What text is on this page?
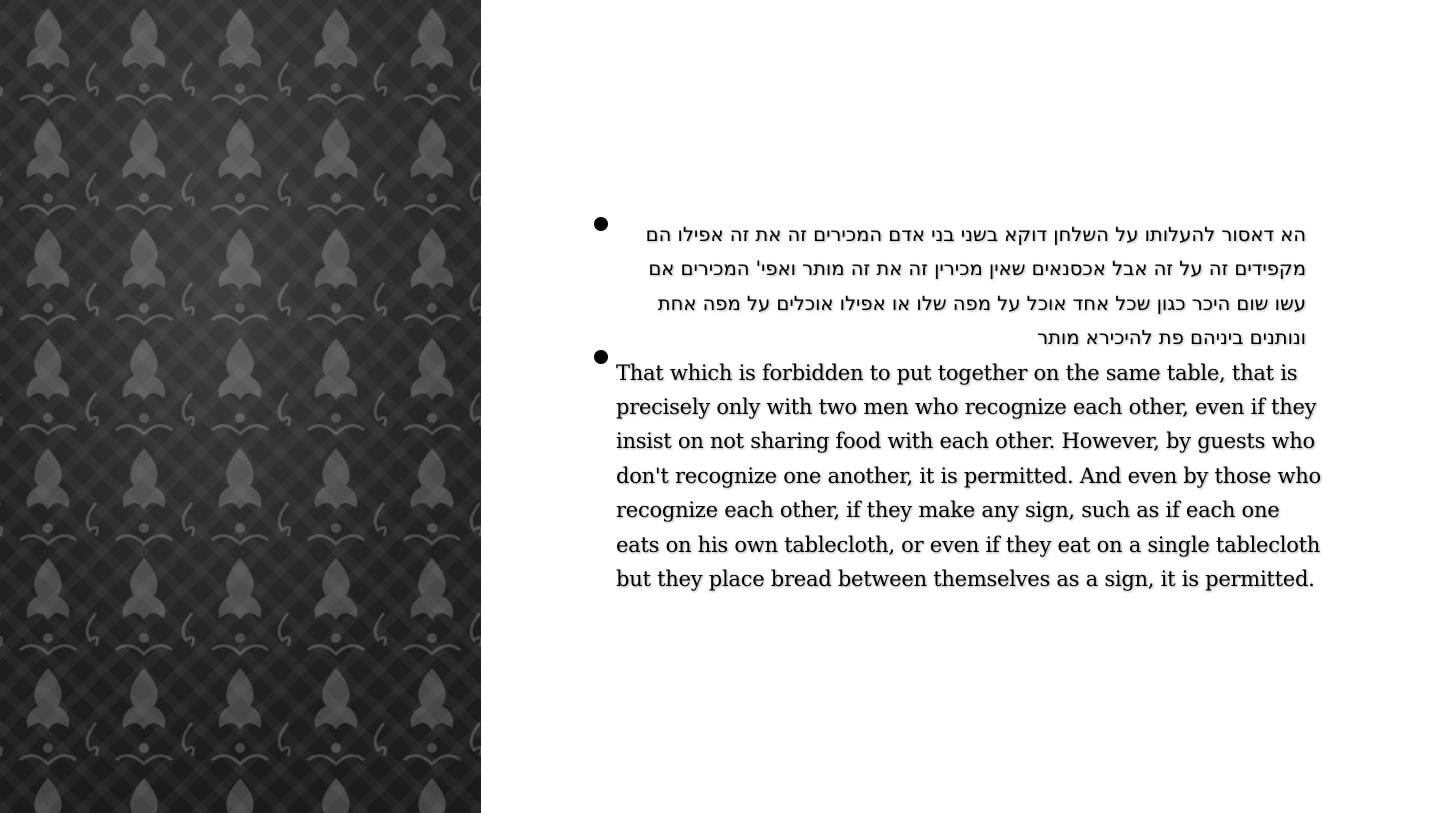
הא דאסור להעלותו על השלחן דוקא בשני בני אדם המכירים זה את זה אפילו הם מקפידים זה על זה אבל אכסנאים שאין מכירין זה את זה מותר ואפי' המכירים אם עשו שום היכר כגון שכל אחד אוכל על מפה שלו או אפילו אוכלים על מפה אחת ונותנים ביניהם פת להיכירא מותר
That which is forbidden to put together on the same table, that is precisely only with two men who recognize each other, even if they insist on not sharing food with each other. However, by guests who don't recognize one another, it is permitted. And even by those who recognize each other, if they make any sign, such as if each one eats on his own tablecloth, or even if they eat on a single tablecloth but they place bread between themselves as a sign, it is permitted.
